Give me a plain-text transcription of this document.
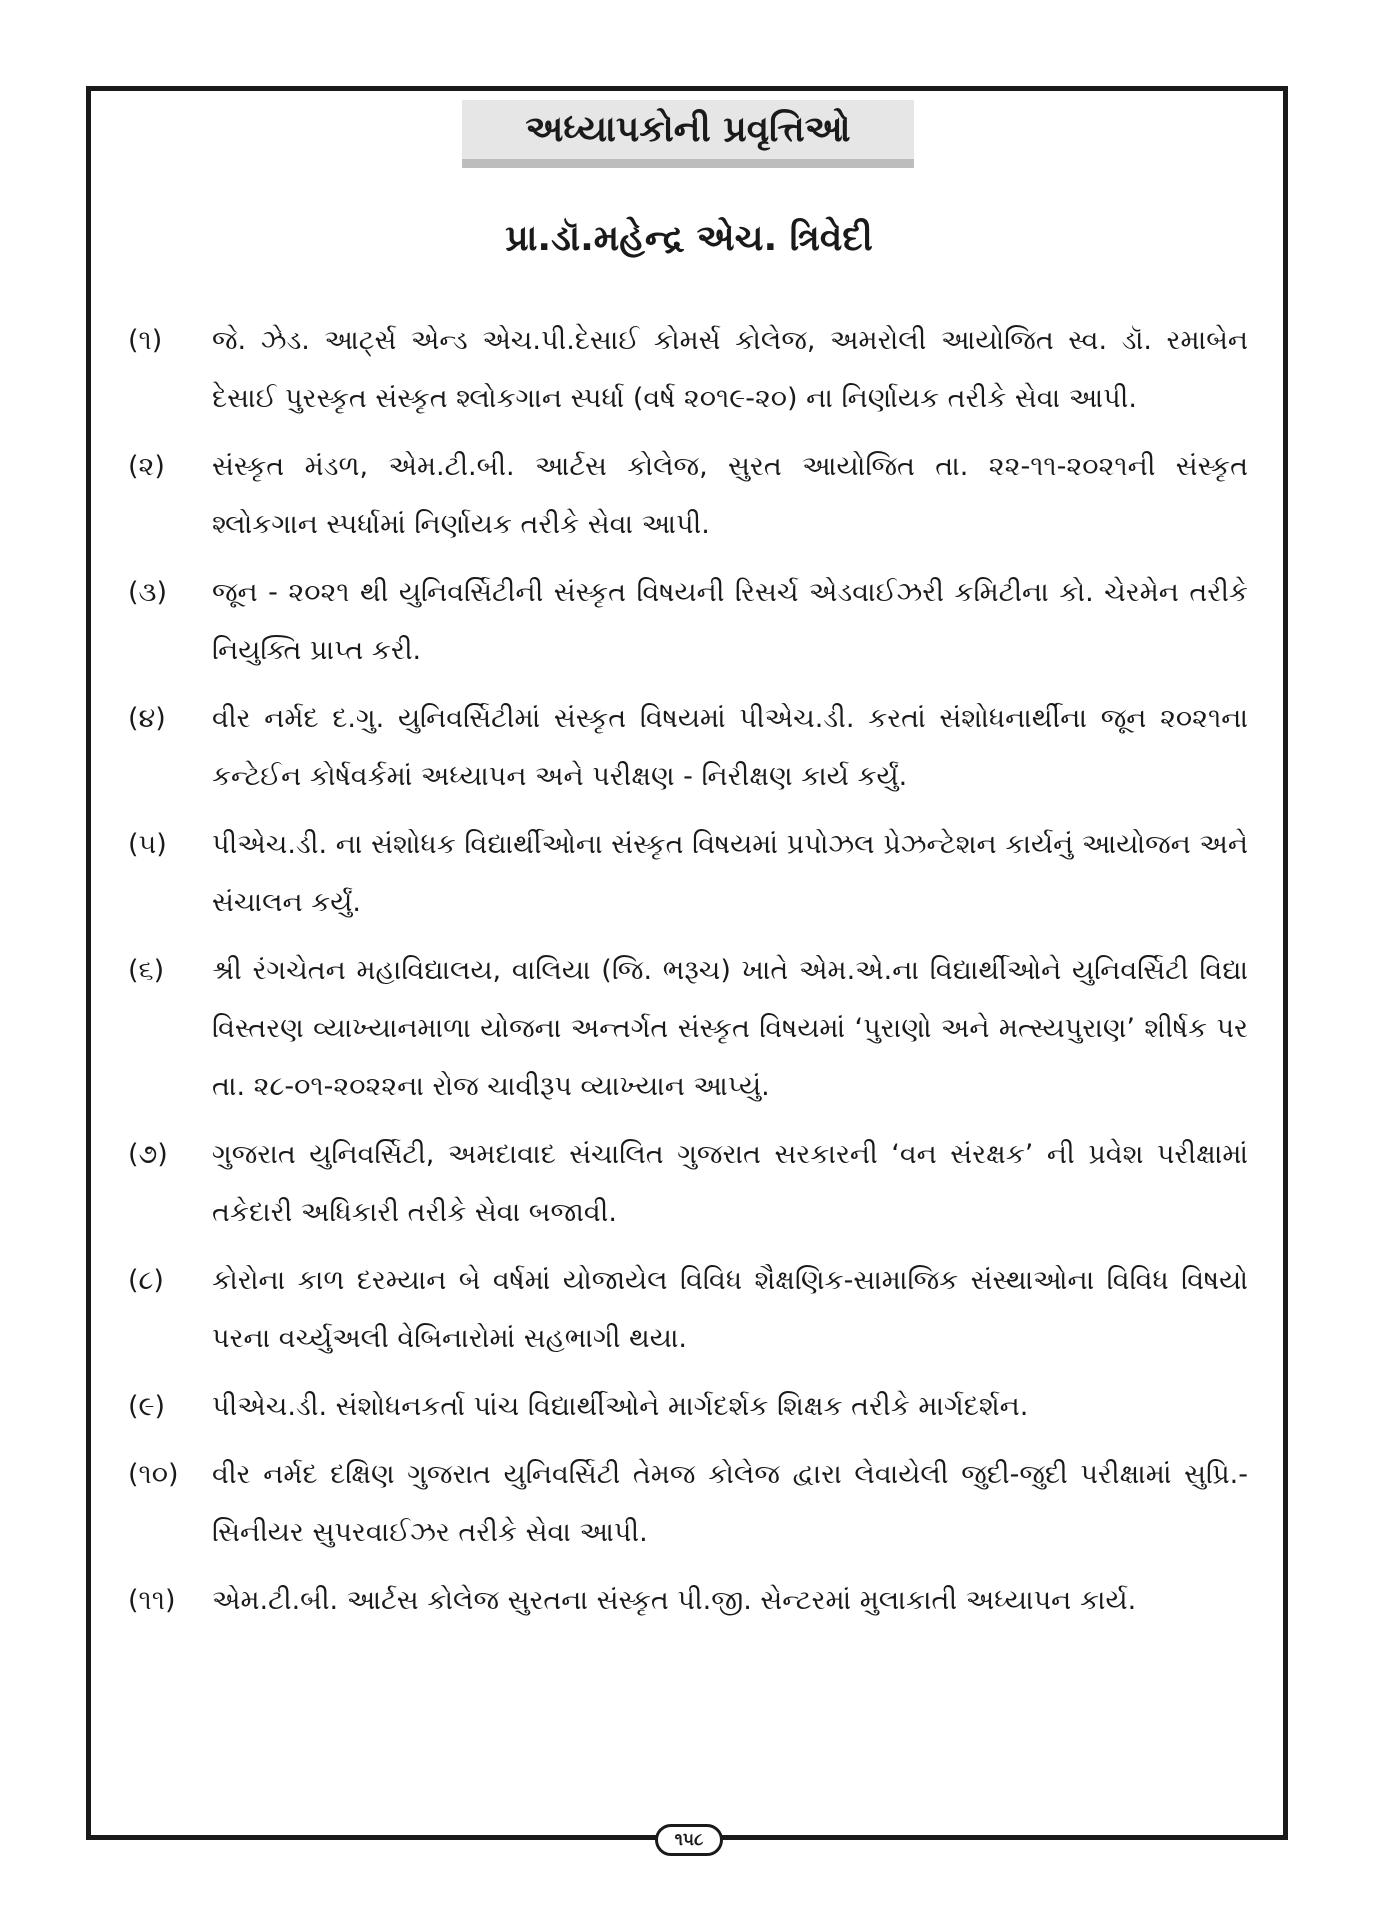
અધ્યાપકોની પ્રવૃત્તિઓ
પ્રા.ડૉ.મહેન્દ્ર એચ. ત્રિવેદી
(૧)	જે. ઝેડ. આર્ટ્સ એન્ડ એચ.પી.દેસાઈ કોમર્સ કોલેજ, અમરોલી આયોજિત સ્વ. ડૉ. રમાબેન દેસાઈ પુરસ્કૃત સંસ્કૃત શ્લોકગાન સ્પર્ધા (વર્ષ ૨૦૧૯-૨૦) ના નિર્ણાયક તરીકે સેવા આપી.
(૨)	સંસ્કૃત મંડળ, એમ.ટી.બી. આર્ટસ કોલેજ, સુરત આયોજિત તા. ૨૨-૧૧-૨૦૨૧ની સંસ્કૃત શ્લોકગાન સ્પર્ધામાં નિર્ણાયક તરીકે સેવા આપી.
(૩)	જૂન - ૨૦૨૧ થી યુનિવર્સિટીની સંસ્કૃત વિષયની રિસર્ચ એડવાઈઝરી કમિટીના કો. ચેરમેન તરીકે નિયુક્તિ પ્રાપ્ત કરી.
(૪)	વીર નર્મદ દ.ગુ. યુનિવર્સિટીમાં સંસ્કૃત વિષયમાં પીએચ.ડી. કરતાં સંશોધનાર્થીના જૂન ૨૦૨૧ના કન્ટેઈન કોર્ષવર્કમાં અધ્યાપન અને પરીક્ષણ - નિરીક્ષણ કાર્ય કર્યું.
(૫)	પીએચ.ડી. ના સંશોધક વિદ્યાર્થીઓના સંસ્કૃત વિષયમાં પ્રપોઝલ પ્રેઝન્ટેશન કાર્યનું આયોજન અને સંચાલન કર્યું.
(૬)	શ્રી રંગચેતન મહાવિદ્યાલય, વાલિયા (જિ. ભરૂચ) ખાતે એમ.એ.ના વિદ્યાર્થીઓને યુનિવર્સિટી વિદ્યા વિસ્તરણ વ્યાખ્યાનમાળા યોજના અન્તર્ગત સંસ્કૃત વિષયમાં ‘પુરાણો અને મત્સ્યપુરાણ’ શીર્ષક પર તા. ૨૮-૦૧-૨૦૨૨ના રોજ ચાવીરૂપ વ્યાખ્યાન આપ્યું.
(૭)	ગુજરાત યુનિવર્સિટી, અમદાવાદ સંચાલિત ગુજરાત સરકારની ‘વન સંરક્ષક’ ની પ્રવેશ પરીક્ષામાં તકેદારી અધિકારી તરીકે સેવા બજાવી.
(૮)	કોરોના કાળ દરમ્યાન બે વર્ષમાં યોજાયેલ વિવિધ શૈક્ષણિક-સામાજિક સંસ્થાઓના વિવિધ વિષયો પરના વર્ચ્યુઅલી વેબિનારોમાં સહભાગી થયા.
(૯)	પીએચ.ડી. સંશોધનકર્તા પાંચ વિદ્યાર્થીઓને માર્ગદર્શક શિક્ષક તરીકે માર્ગદર્શન.
(૧૦)	વીર નર્મદ દક્ષિણ ગુજરાત યુનિવર્સિટી તેમજ કોલેજ દ્વારા લેવાયેલી જુદી-જુદી પરીક્ષામાં સુપ્રિ.- સિનીયર સુપરવાઈઝર તરીકે સેવા આપી.
(૧૧)	એમ.ટી.બી. આર્ટસ કોલેજ સુરતના સંસ્કૃત પી.જી. સેન્ટરમાં મુલાકાતી અધ્યાપન કાર્ય.
૧૫૮
